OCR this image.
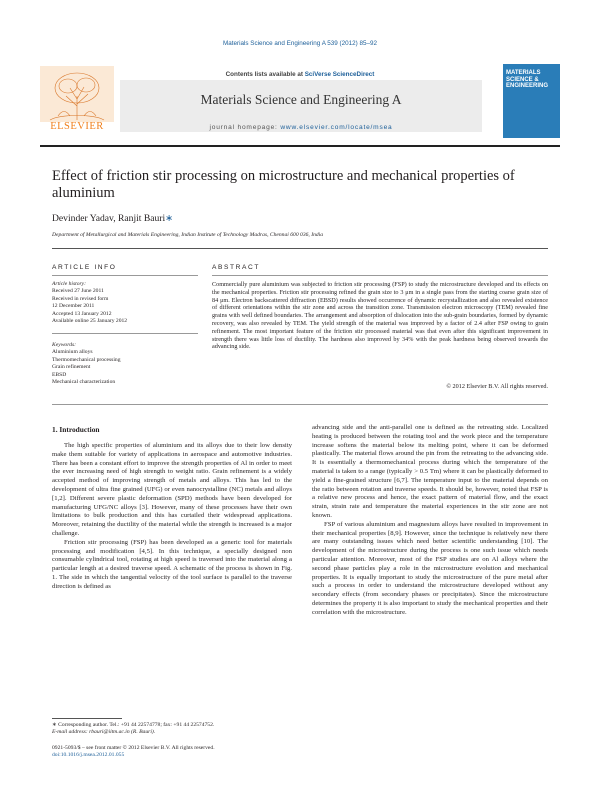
Materials Science and Engineering A 539 (2012) 85–92
Contents lists available at SciVerse ScienceDirect
Materials Science and Engineering A
journal homepage: www.elsevier.com/locate/msea
ELSEVIER
MATERIALS SCIENCE & ENGINEERING
Effect of friction stir processing on microstructure and mechanical properties of aluminium
Devinder Yadav, Ranjit Bauri∗
Department of Metallurgical and Materials Engineering, Indian Institute of Technology Madras, Chennai 600 036, India
ARTICLE INFO
Article history:
Received 27 June 2011
Received in revised form
12 December 2011
Accepted 13 January 2012
Available online 25 January 2012
Keywords:
Aluminium alloys
Thermomechanical processing
Grain refinement
EBSD
Mechanical characterization
ABSTRACT
Commercially pure aluminium was subjected to friction stir processing (FSP) to study the microstructure developed and its effects on the mechanical properties. Friction stir processing refined the grain size to 3 μm in a single pass from the starting coarse grain size of 84 μm. Electron backscattered diffraction (EBSD) results showed occurrence of dynamic recrystallization and also revealed existence of different orientations within the stir zone and across the transition zone. Transmission electron microscopy (TEM) revealed fine grains with well defined boundaries. The arrangement and absorption of dislocation into the sub-grain boundaries, formed by dynamic recovery, was also revealed by TEM. The yield strength of the material was improved by a factor of 2.4 after FSP owing to grain refinement. The most important feature of the friction stir processed material was that even after this significant improvement in strength there was little loss of ductility. The hardness also improved by 34% with the peak hardness being observed towards the advancing side.
© 2012 Elsevier B.V. All rights reserved.
1. Introduction

The high specific properties of aluminium and its alloys due to their low density make them suitable for variety of applications in aerospace and automotive industries. There has been a constant effort to improve the strength properties of Al in order to meet the ever increasing need of high strength to weight ratio. Grain refinement is a widely accepted method of improving strength of metals and alloys. This has led to the development of ultra fine grained (UFG) or even nanocrystalline (NC) metals and alloys [1,2]. Different severe plastic deformation (SPD) methods have been developed for manufacturing UFG/NC alloys [3]. However, many of these processes have their own limitations to bulk production and this has curtailed their widespread applications. Moreover, retaining the ductility of the material while the strength is increased is a major challenge.

Friction stir processing (FSP) has been developed as a generic tool for materials processing and modification [4,5]. In this technique, a specially designed non consumable cylindrical tool, rotating at high speed is traversed into the material along a particular length at a desired traverse speed. A schematic of the process is shown in Fig. 1. The side in which the tangential velocity of the tool surface is parallel to the traverse direction is defined as

advancing side and the anti-parallel one is defined as the retreating side. Localized heating is produced between the rotating tool and the work piece and the temperature increase softens the material below its melting point, where it can be deformed plastically. The material flows around the pin from the retreating to the advancing side. It is essentially a thermomechanical process during which the temperature of the material is taken to a range (typically > 0.5 Tm) where it can be plastically deformed to yield a fine-grained structure [6,7]. The temperature input to the material depends on the ratio between rotation and traverse speeds. It should be, however, noted that FSP is a relative new process and hence, the exact pattern of material flow, and the exact strain, strain rate and temperature the material experiences in the stir zone are not known.

FSP of various aluminium and magnesium alloys have resulted in improvement in their mechanical properties [8,9]. However, since the technique is relatively new there are many outstanding issues which need better scientific understanding [10]. The development of the microstructure during the process is one such issue which needs particular attention. Moreover, most of the FSP studies are on Al alloys where the second phase particles play a role in the microstructure evolution and mechanical properties. It is equally important to study the microstructure of the pure metal after such a process in order to understand the microstructure developed without any secondary effects (from secondary phases or precipitates). Since the microstructure determines the property it is also important to study the mechanical properties and their correlation with the microstructure.

∗ Corresponding author. Tel.: +91 44 22574778; fax: +91 44 22574752.
E-mail address: rbauri@iitm.ac.in (R. Bauri).
0921-5093/$ – see front matter © 2012 Elsevier B.V. All rights reserved.
doi:10.1016/j.msea.2012.01.055
